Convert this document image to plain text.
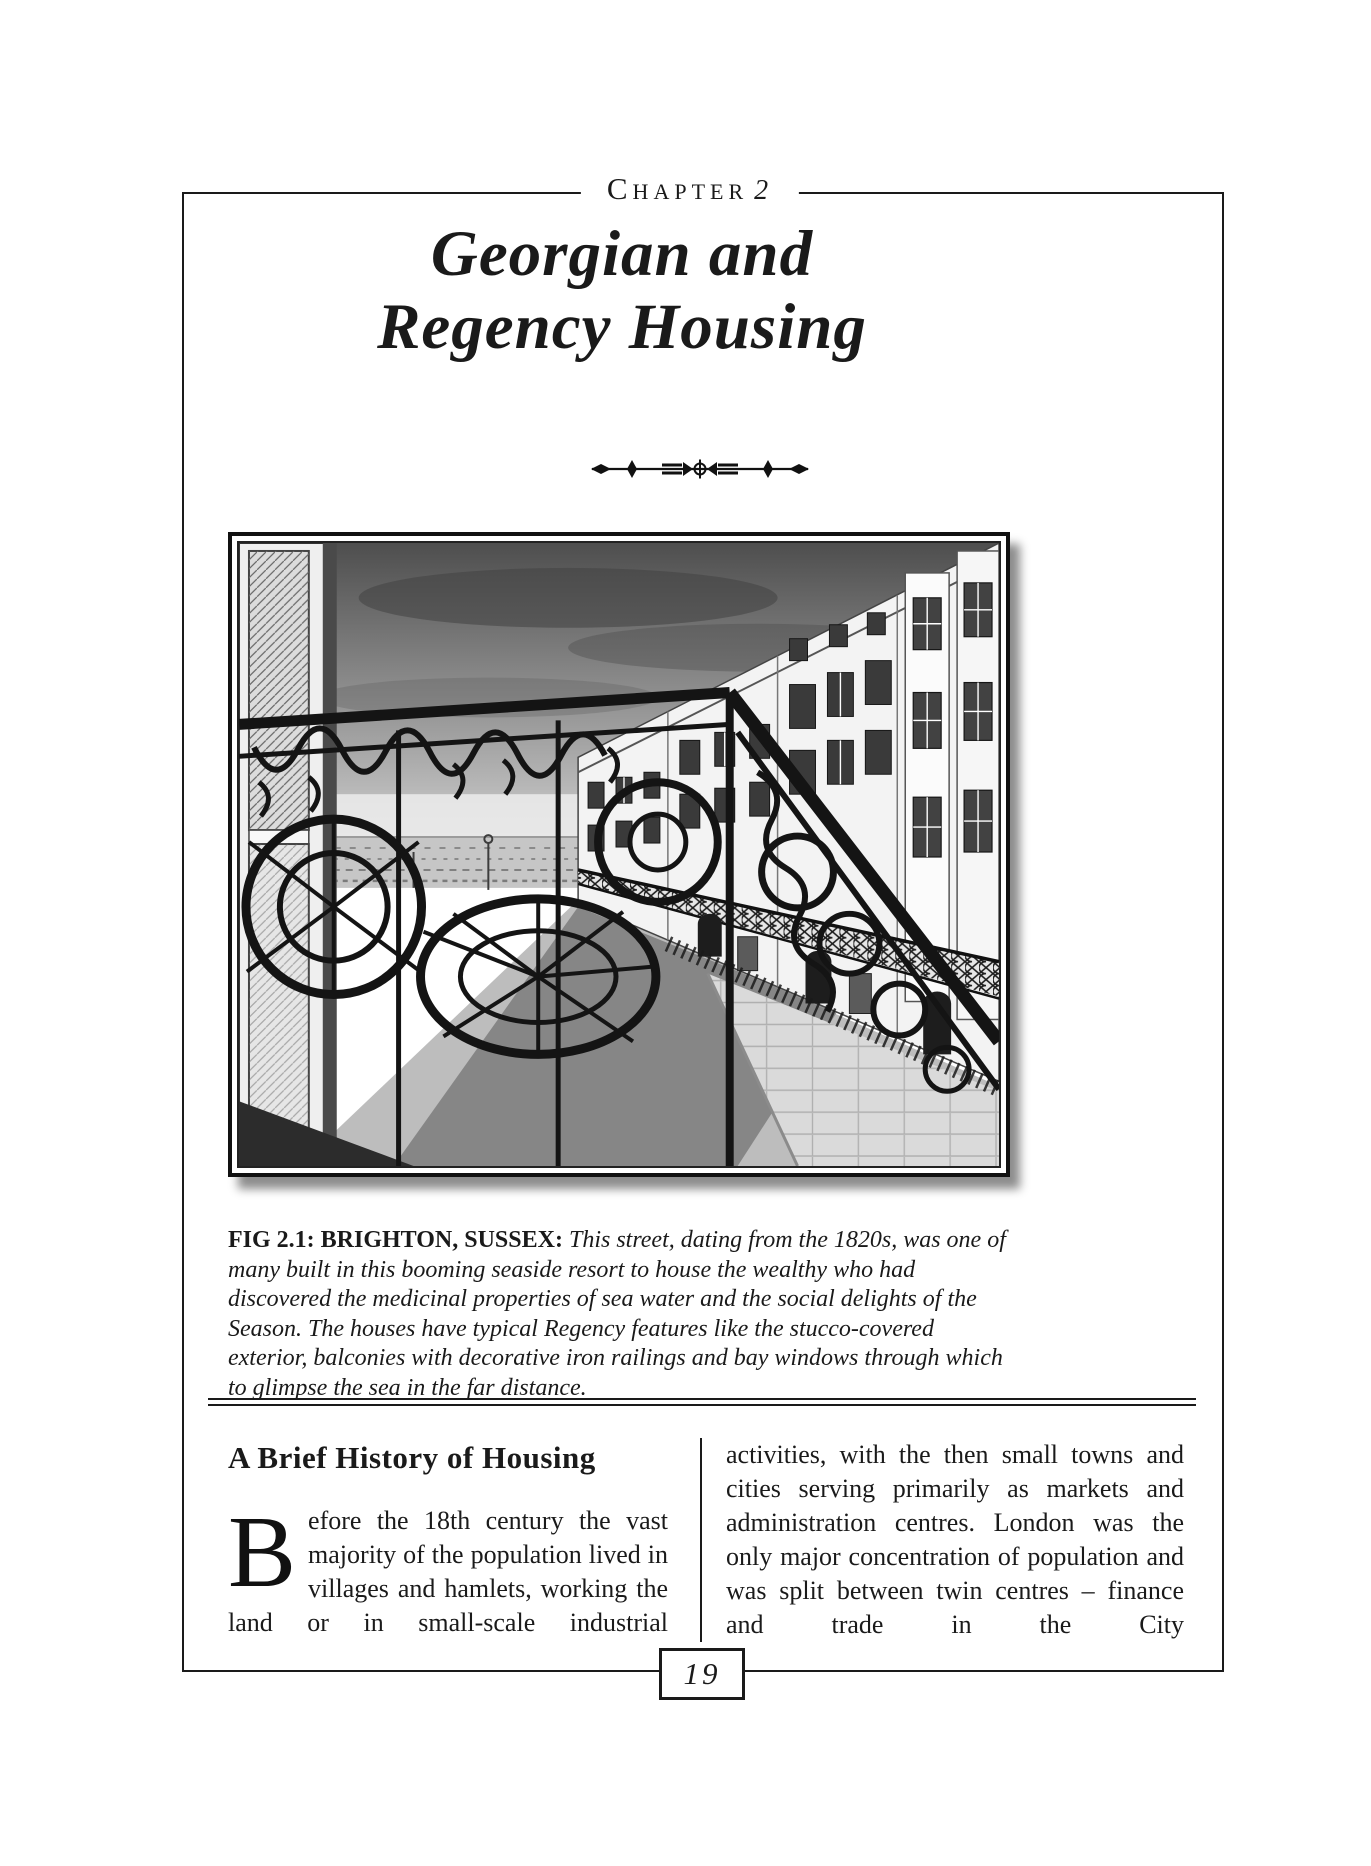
Chapter 2
Georgian and
Regency Housing

FIG 2.1: BRIGHTON, SUSSEX: This street, dating from the 1820s, was one of many built in this booming seaside resort to house the wealthy who had discovered the medicinal properties of sea water and the social delights of the Season. The houses have typical Regency features like the stucco-covered exterior, balconies with decorative iron railings and bay windows through which to glimpse the sea in the far distance.

A Brief History of Housing

Before the 18th century the vast majority of the population lived in villages and hamlets, working the land or in small-scale industrial

activities, with the then small towns and cities serving primarily as markets and administration centres. London was the only major concentration of population and was split between twin centres – finance and trade in the City

19
